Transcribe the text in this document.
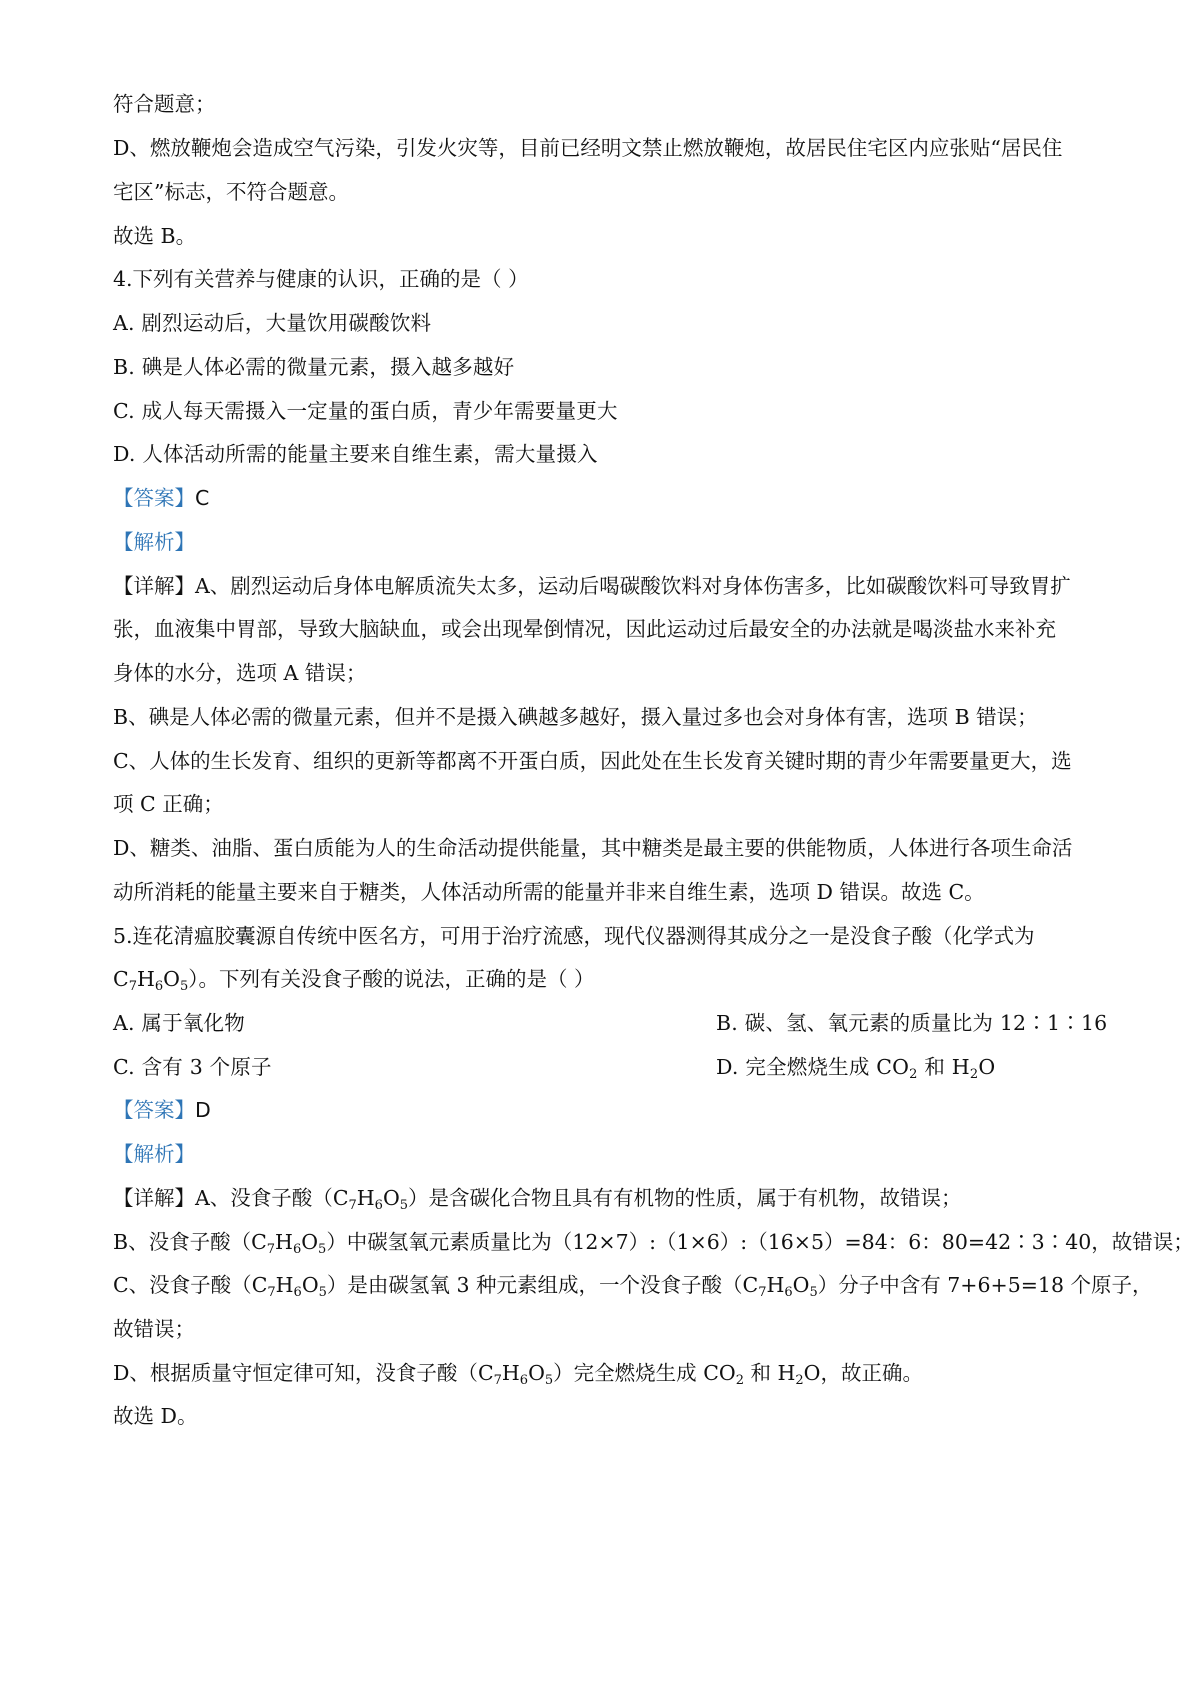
符合题意；
D、燃放鞭炮会造成空气污染，引发火灾等，目前已经明文禁止燃放鞭炮，故居民住宅区内应张贴“居民住
宅区”标志，不符合题意。
故选 B。
4.下列有关营养与健康的认识，正确的是（ ）
A. 剧烈运动后，大量饮用碳酸饮料
B. 碘是人体必需的微量元素，摄入越多越好
C. 成人每天需摄入一定量的蛋白质，青少年需要量更大
D. 人体活动所需的能量主要来自维生素，需大量摄入
【答案】C
【解析】
【详解】A、剧烈运动后身体电解质流失太多，运动后喝碳酸饮料对身体伤害多，比如碳酸饮料可导致胃扩
张，血液集中胃部，导致大脑缺血，或会出现晕倒情况，因此运动过后最安全的办法就是喝淡盐水来补充
身体的水分，选项 A 错误；
B、碘是人体必需的微量元素，但并不是摄入碘越多越好，摄入量过多也会对身体有害，选项 B 错误；
C、人体的生长发育、组织的更新等都离不开蛋白质，因此处在生长发育关键时期的青少年需要量更大，选
项 C 正确；
D、糖类、油脂、蛋白质能为人的生命活动提供能量，其中糖类是最主要的供能物质，人体进行各项生命活
动所消耗的能量主要来自于糖类，人体活动所需的能量并非来自维生素，选项 D 错误。故选 C。
5.连花清瘟胶囊源自传统中医名方，可用于治疗流感，现代仪器测得其成分之一是没食子酸（化学式为
$C_7H_6O_5$）。下列有关没食子酸的说法，正确的是（ ）
A. 属于氧化物	B. 碳、氢、氧元素的质量比为 12∶1∶16
C. 含有 3 个原子	D. 完全燃烧生成 $CO_2$ 和 $H_2O$
【答案】D
【解析】
【详解】A、没食子酸$(C_7H_6O_5)$是含碳化合物且具有有机物的性质，属于有机物，故错误；
B、没食子酸$(C_7H_6O_5)$中碳氢氧元素质量比为（12×7）:（1×6）:（16×5）=84：6：80=42∶3∶40，故错误；
C、没食子酸$(C_7H_6O_5)$是由碳氢氧 3 种元素组成，一个没食子酸$(C_7H_6O_5)$分子中含有 7+6+5=18 个原子，
故错误；
D、根据质量守恒定律可知，没食子酸$(C_7H_6O_5)$完全燃烧生成 $CO_2$ 和 $H_2O$，故正确。
故选 D。
